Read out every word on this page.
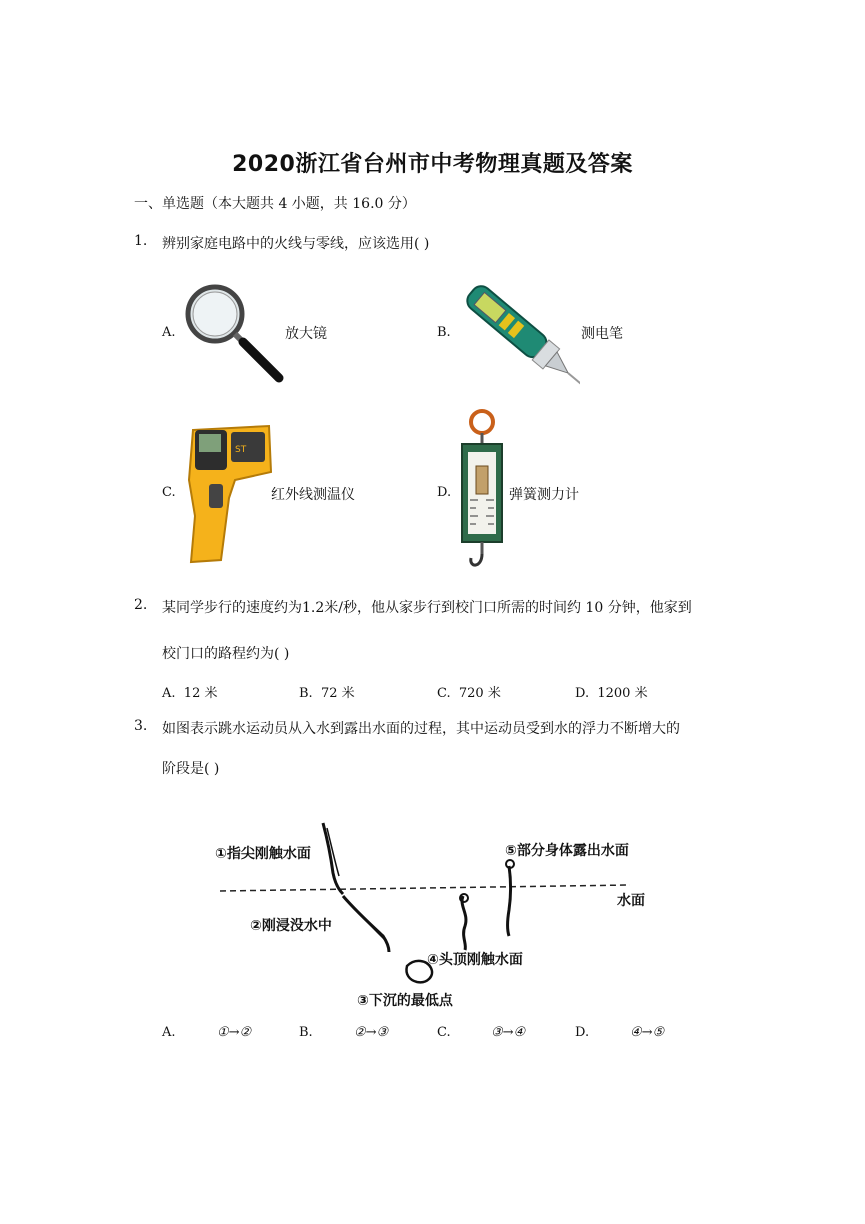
2020浙江省台州市中考物理真题及答案
一、单选题（本大题共 4 小题，共 16.0 分）
1. 辨别家庭电路中的火线与零线，应该选用( )
A.	放大镜	B.	测电笔
C.
ST
红外线测温仪	D.	弹簧测力计
2. 某同学步行的速度约为1.2米/秒，他从家步行到校门口所需的时间约 10 分钟，他家到
校门口的路程约为( )
A. 12 米	B. 72 米	C. 720 米	D. 1200 米
3. 如图表示跳水运动员从入水到露出水面的过程，其中运动员受到水的浮力不断增大的
阶段是( )
水面
①指尖刚触水面
②刚浸没水中
③下沉的最低点
④头顶刚触水面
⑤部分身体露出水面
A.	①→②	B.	②→③	C.	③→④	D.	④→⑤
